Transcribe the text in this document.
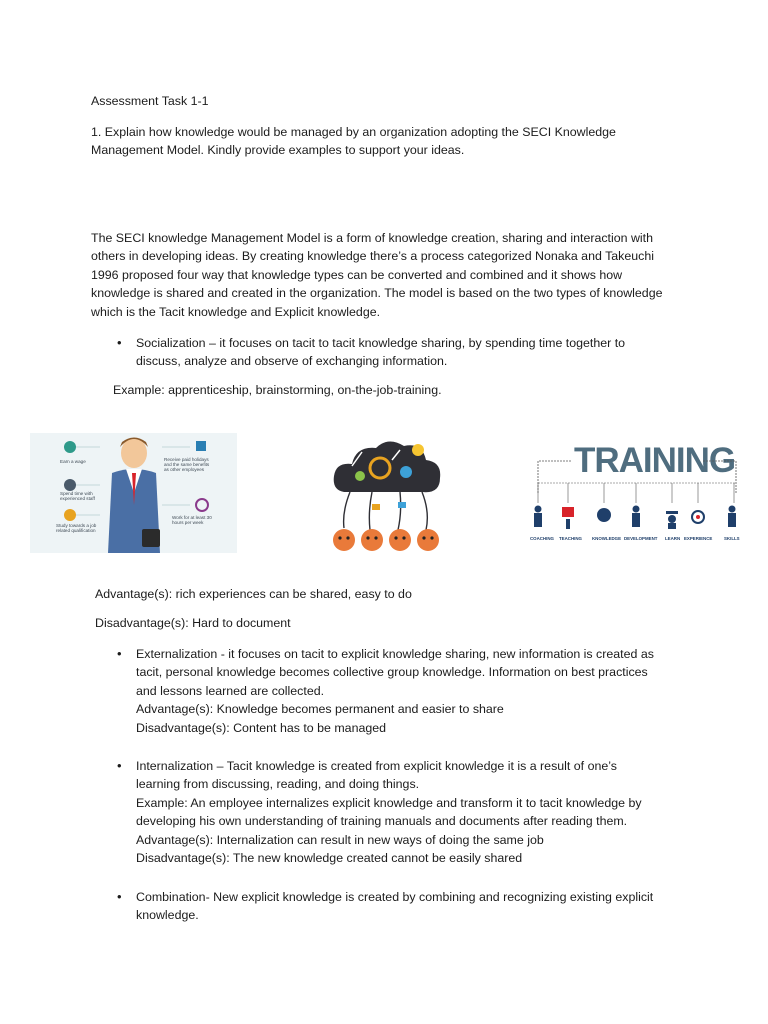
Assessment Task 1-1
1. Explain how knowledge would be managed by an organization adopting the SECI Knowledge
Management Model. Kindly provide examples to support your ideas.
The SECI knowledge Management Model is a form of knowledge creation, sharing and interaction with
others in developing ideas. By creating knowledge there’s a process categorized Nonaka and Takeuchi
1996 proposed four way that knowledge types can be converted and combined and it shows how
knowledge is shared and created in the organization. The model is based on the two types of knowledge
which is the Tacit knowledge and Explicit knowledge.
• Socialization – it focuses on tacit to tacit knowledge sharing, by spending time together to
discuss, analyze and observe of exchanging information.
Example: apprenticeship, brainstorming, on-the-job-training.
Earn a wage
Spend time with experienced staff
Study towards a job related qualification
Receive paid holidays and the same benefits as other employees
Work for at least 30 hours per week
TRAINING
COACHING TEACHING KNOWLEDGE DEVELOPMENT LEARN EXPERIENCE	SKILLS
Advantage(s): rich experiences can be shared, easy to do
Disadvantage(s): Hard to document
• Externalization - it focuses on tacit to explicit knowledge sharing, new information is created as
tacit, personal knowledge becomes collective group knowledge. Information on best practices
and lessons learned are collected.
Advantage(s): Knowledge becomes permanent and easier to share
Disadvantage(s): Content has to be managed
• Internalization – Tacit knowledge is created from explicit knowledge it is a result of one’s
learning from discussing, reading, and doing things.
Example: An employee internalizes explicit knowledge and transform it to tacit knowledge by
developing his own understanding of training manuals and documents after reading them.
Advantage(s): Internalization can result in new ways of doing the same job
Disadvantage(s): The new knowledge created cannot be easily shared
• Combination- New explicit knowledge is created by combining and recognizing existing explicit
knowledge.
